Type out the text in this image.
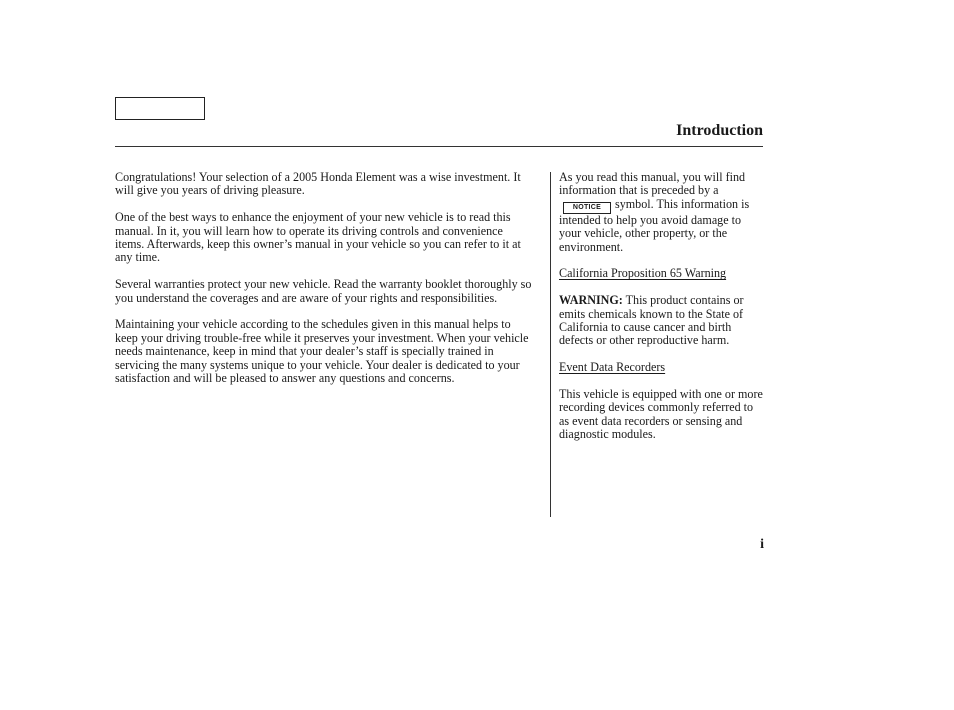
Introduction

Congratulations! Your selection of a 2005 Honda Element was a wise investment. It will give you years of driving pleasure.

One of the best ways to enhance the enjoyment of your new vehicle is to read this manual. In it, you will learn how to operate its driving controls and convenience items. Afterwards, keep this owner’s manual in your vehicle so you can refer to it at any time.

Several warranties protect your new vehicle. Read the warranty booklet thoroughly so you understand the coverages and are aware of your rights and responsibilities.

Maintaining your vehicle according to the schedules given in this manual helps to keep your driving trouble-free while it preserves your investment. When your vehicle needs maintenance, keep in mind that your dealer’s staff is specially trained in servicing the many systems unique to your vehicle. Your dealer is dedicated to your satisfaction and will be pleased to answer any questions and concerns.

As you read this manual, you will find information that is preceded by aNOTICE symbol. This information is intended to help you avoid damage to your vehicle, other property, or the environment.

California Proposition 65 Warning

WARNING: This product contains or emits chemicals known to the State of California to cause cancer and birth defects or other reproductive harm.

Event Data Recorders

This vehicle is equipped with one or more recording devices commonly referred to as event data recorders or sensing and diagnostic modules.

i
